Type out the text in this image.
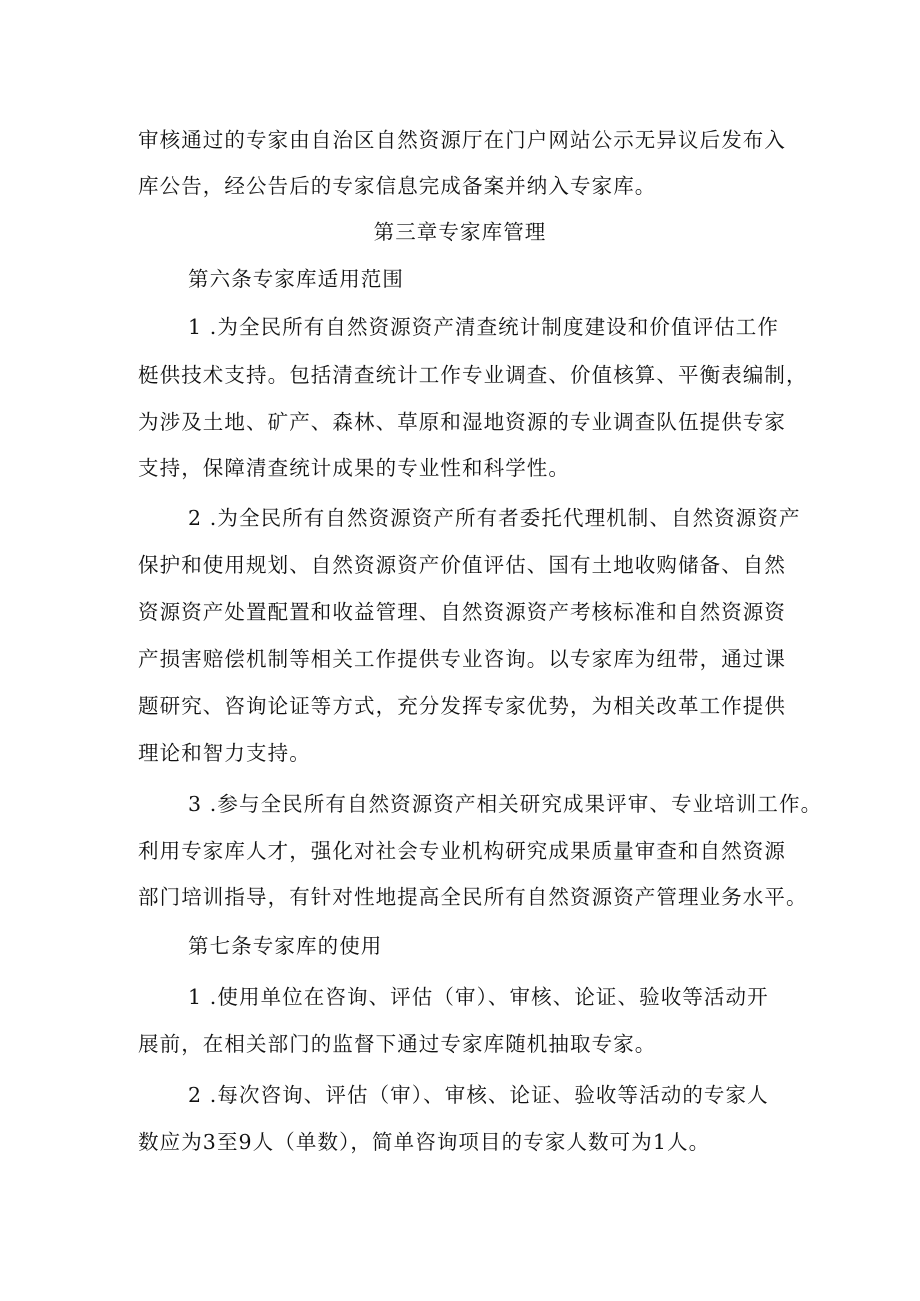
审核通过的专家由自治区自然资源厅在门户网站公示无异议后发布入
库公告，经公告后的专家信息完成备案并纳入专家库。
第三章专家库管理
第六条专家库适用范围
1 .为全民所有自然资源资产清查统计制度建设和价值评估工作
梃供技术支持。包括清查统计工作专业调查、价值核算、平衡表编制，
为涉及土地、矿产、森林、草原和湿地资源的专业调查队伍提供专家
支持，保障清查统计成果的专业性和科学性。
2 .为全民所有自然资源资产所有者委托代理机制、自然资源资产
保护和使用规划、自然资源资产价值评估、国有土地收购储备、自然
资源资产处置配置和收益管理、自然资源资产考核标准和自然资源资
产损害赔偿机制等相关工作提供专业咨询。以专家库为纽带，通过课
题研究、咨询论证等方式，充分发挥专家优势，为相关改革工作提供
理论和智力支持。
3 .参与全民所有自然资源资产相关研究成果评审、专业培训工作。
利用专家库人才，强化对社会专业机构研究成果质量审查和自然资源
部门培训指导，有针对性地提高全民所有自然资源资产管理业务水平。
第七条专家库的使用
1 .使用单位在咨询、评估（审）、审核、论证、验收等活动开
展前，在相关部门的监督下通过专家库随机抽取专家。
2 .每次咨询、评估（审）、审核、论证、验收等活动的专家人
数应为3至9人（单数），简单咨询项目的专家人数可为1人。
